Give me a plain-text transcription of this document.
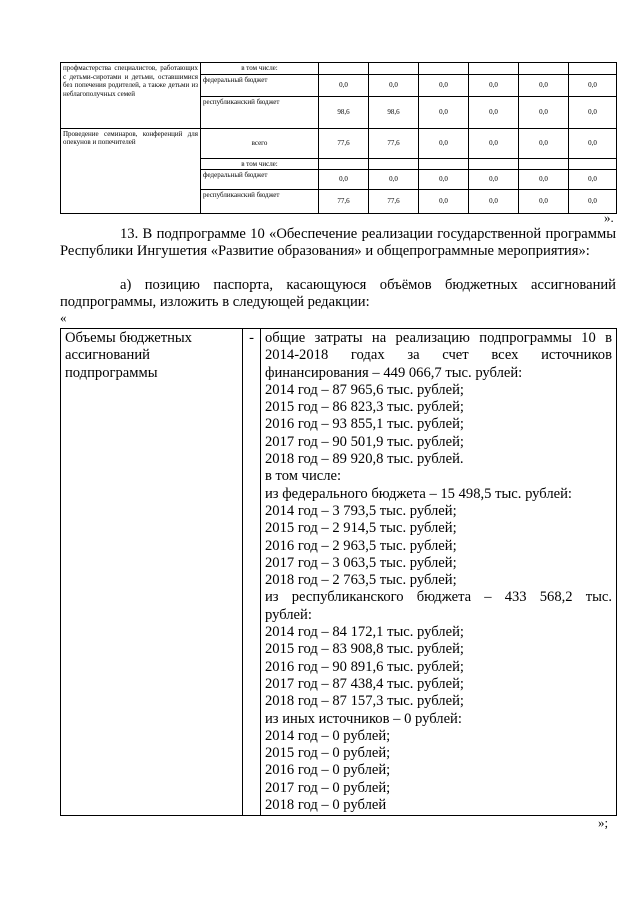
профмастерства специалистов, работающих с детьми-сиротами и детьми, оставшимися без попечения родителей, а также детьми из неблагополучных семей	в том числе:						
	федеральный бюджет	0,0	0,0	0,0	0,0	0,0	0,0
	республиканский бюджет	98,6	98,6	0,0	0,0	0,0	0,0
Проведение семинаров, конференций для опекунов и попечителей	всего	77,6	77,6	0,0	0,0	0,0	0,0
	в том числе:						
	федеральный бюджет	0,0	0,0	0,0	0,0	0,0	0,0
	республиканский бюджет	77,6	77,6	0,0	0,0	0,0	0,0
».
13. В подпрограмме 10 «Обеспечение реализации государственной программы Республики Ингушетия «Развитие образования» и общепрограммные мероприятия»:
а) позицию паспорта, касающуюся объёмов бюджетных ассигнований подпрограммы, изложить в следующей редакции:
«
Объемы бюджетных ассигнований подпрограммы	-	общие затраты на реализацию подпрограммы 10 в
2014-2018 годах за счет всех источников
финансирования – 449 066,7 тыс. рублей:
2014 год – 87 965,6 тыс. рублей;
2015 год – 86 823,3 тыс. рублей;
2016 год – 93 855,1 тыс. рублей;
2017 год – 90 501,9 тыс. рублей;
2018 год – 89 920,8 тыс. рублей.
в том числе:
из федерального бюджета – 15 498,5 тыс. рублей:
2014 год – 3 793,5 тыс. рублей;
2015 год – 2 914,5 тыс. рублей;
2016 год – 2 963,5 тыс. рублей;
2017 год – 3 063,5 тыс. рублей;
2018 год – 2 763,5 тыс. рублей;
из республиканского бюджета – 433 568,2 тыс.
рублей:
2014 год – 84 172,1 тыс. рублей;
2015 год – 83 908,8 тыс. рублей;
2016 год – 90 891,6 тыс. рублей;
2017 год – 87 438,4 тыс. рублей;
2018 год – 87 157,3 тыс. рублей;
из иных источников – 0 рублей:
2014 год – 0 рублей;
2015 год – 0 рублей;
2016 год – 0 рублей;
2017 год – 0 рублей;
2018 год – 0 рублей
»;
